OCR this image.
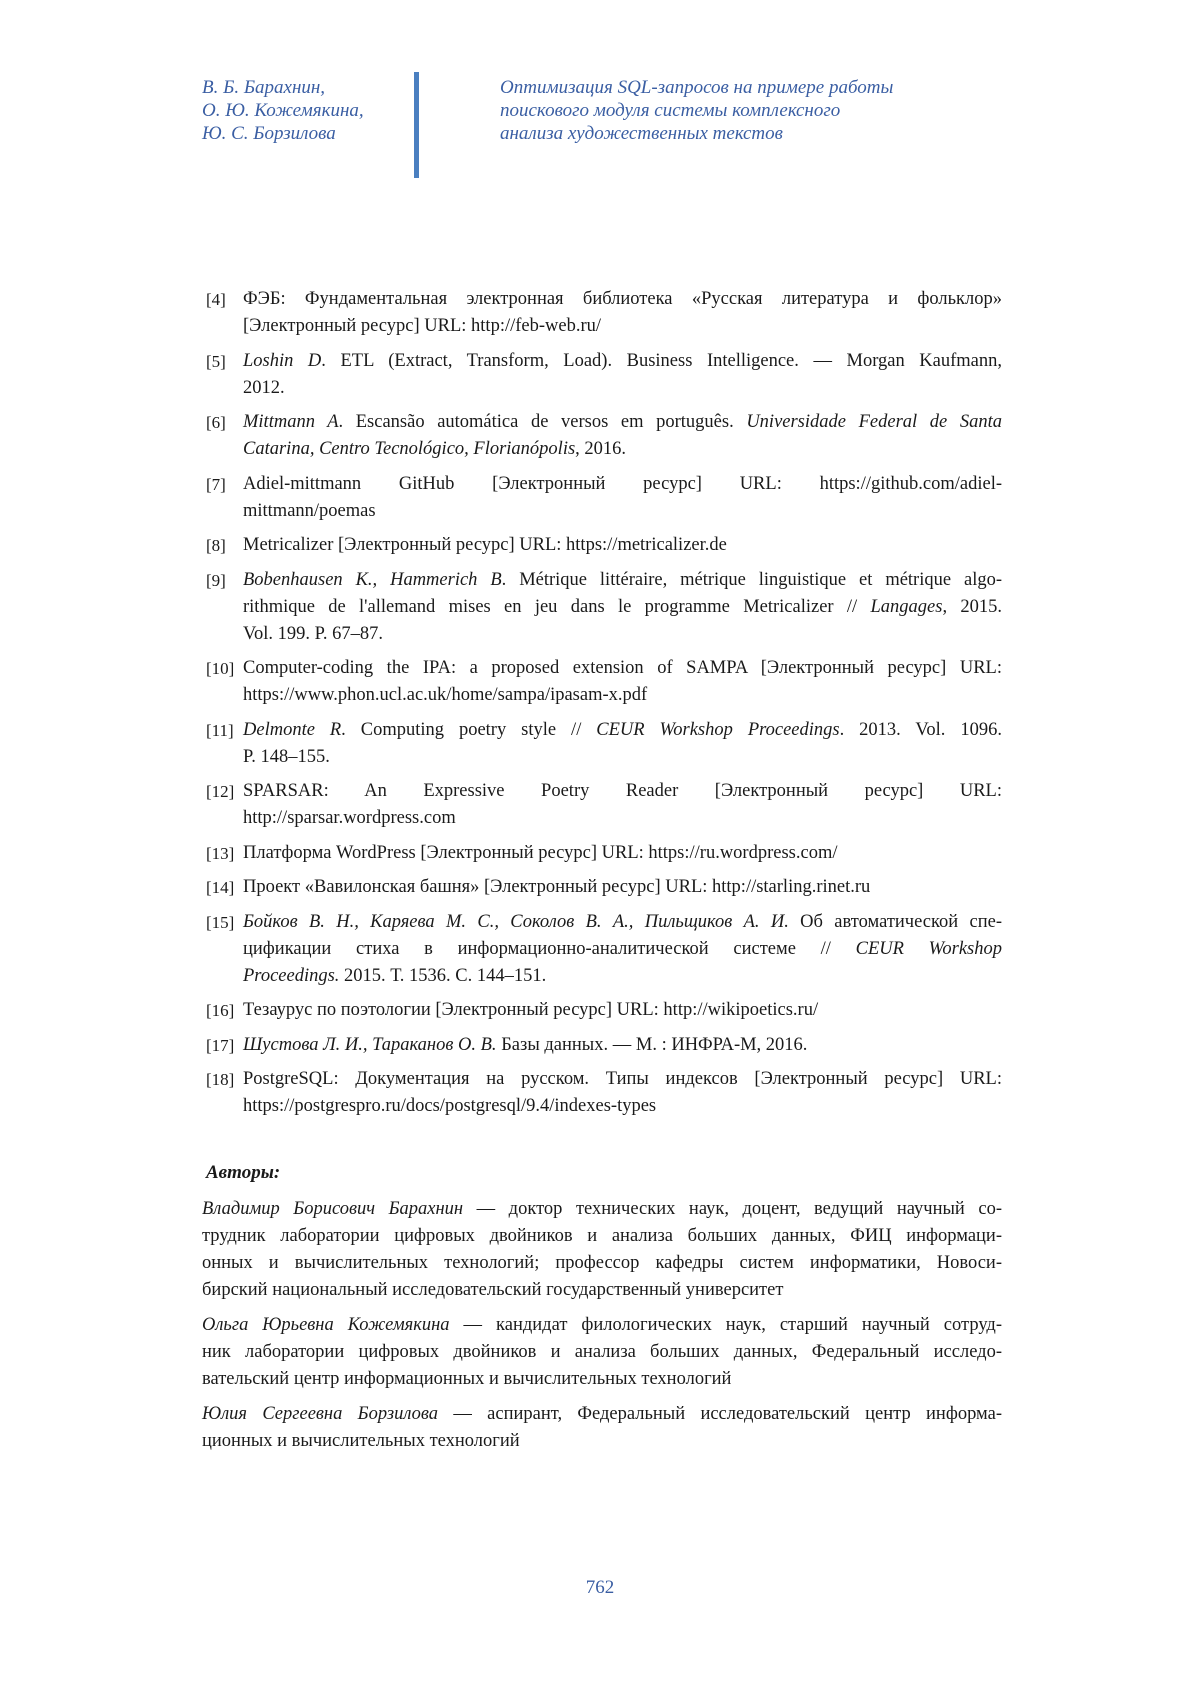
В. Б. Барахнин,
О. Ю. Кожемякина,
Ю. С. Борзилова
Оптимизация SQL-запросов на примере работы
поискового модуля системы комплексного
анализа художественных текстов
[4] ФЭБ: Фундаментальная электронная библиотека «Русская литература и фольклор»
[Электронный ресурс] URL: http://feb-web.ru/
[5] Loshin D. ETL (Extract, Transform, Load). Business Intelligence. — Morgan Kaufmann,
2012.
[6] Mittmann A. Escansão automática de versos em português. Universidade Federal de Santa
Catarina, Centro Tecnológico, Florianópolis, 2016.
[7] Adiel-mittmann GitHub [Электронный ресурс] URL: https://github.com/adiel-
mittmann/poemas
[8] Metricalizer [Электронный ресурс] URL: https://metricalizer.de
[9] Bobenhausen K., Hammerich B. Métrique littéraire, métrique linguistique et métrique algo-
rithmique de l'allemand mises en jeu dans le programme Metricalizer // Langages, 2015.
Vol. 199. P. 67–87.
[10] Computer-coding the IPA: a proposed extension of SAMPA [Электронный ресурс] URL:
https://www.phon.ucl.ac.uk/home/sampa/ipasam-x.pdf
[11] Delmonte R. Computing poetry style // CEUR Workshop Proceedings. 2013. Vol. 1096.
P. 148–155.
[12] SPARSAR: An Expressive Poetry Reader [Электронный ресурс] URL:
http://sparsar.wordpress.com
[13] Платформа WordPress [Электронный ресурс] URL: https://ru.wordpress.com/
[14] Проект «Вавилонская башня» [Электронный ресурс] URL: http://starling.rinet.ru
[15] Бойков В. Н., Каряева М. С., Соколов В. А., Пильщиков А. И. Об автоматической спе-
цификации стиха в информационно-аналитической системе // CEUR Workshop
Proceedings. 2015. Т. 1536. С. 144–151.
[16] Тезаурус по поэтологии [Электронный ресурс] URL: http://wikipoetics.ru/
[17] Шустова Л. И., Тараканов О. В. Базы данных. — М. : ИНФРА-М, 2016.
[18] PostgreSQL: Документация на русском. Типы индексов [Электронный ресурс] URL:
https://postgrespro.ru/docs/postgresql/9.4/indexes-types
Авторы:
Владимир Борисович Барахнин — доктор технических наук, доцент, ведущий научный со-
трудник лаборатории цифровых двойников и анализа больших данных, ФИЦ информаци-
онных и вычислительных технологий; профессор кафедры систем информатики, Новоси-
бирский национальный исследовательский государственный университет
Ольга Юрьевна Кожемякина — кандидат филологических наук, старший научный сотруд-
ник лаборатории цифровых двойников и анализа больших данных, Федеральный исследо-
вательский центр информационных и вычислительных технологий
Юлия Сергеевна Борзилова — аспирант, Федеральный исследовательский центр информа-
ционных и вычислительных технологий
762
